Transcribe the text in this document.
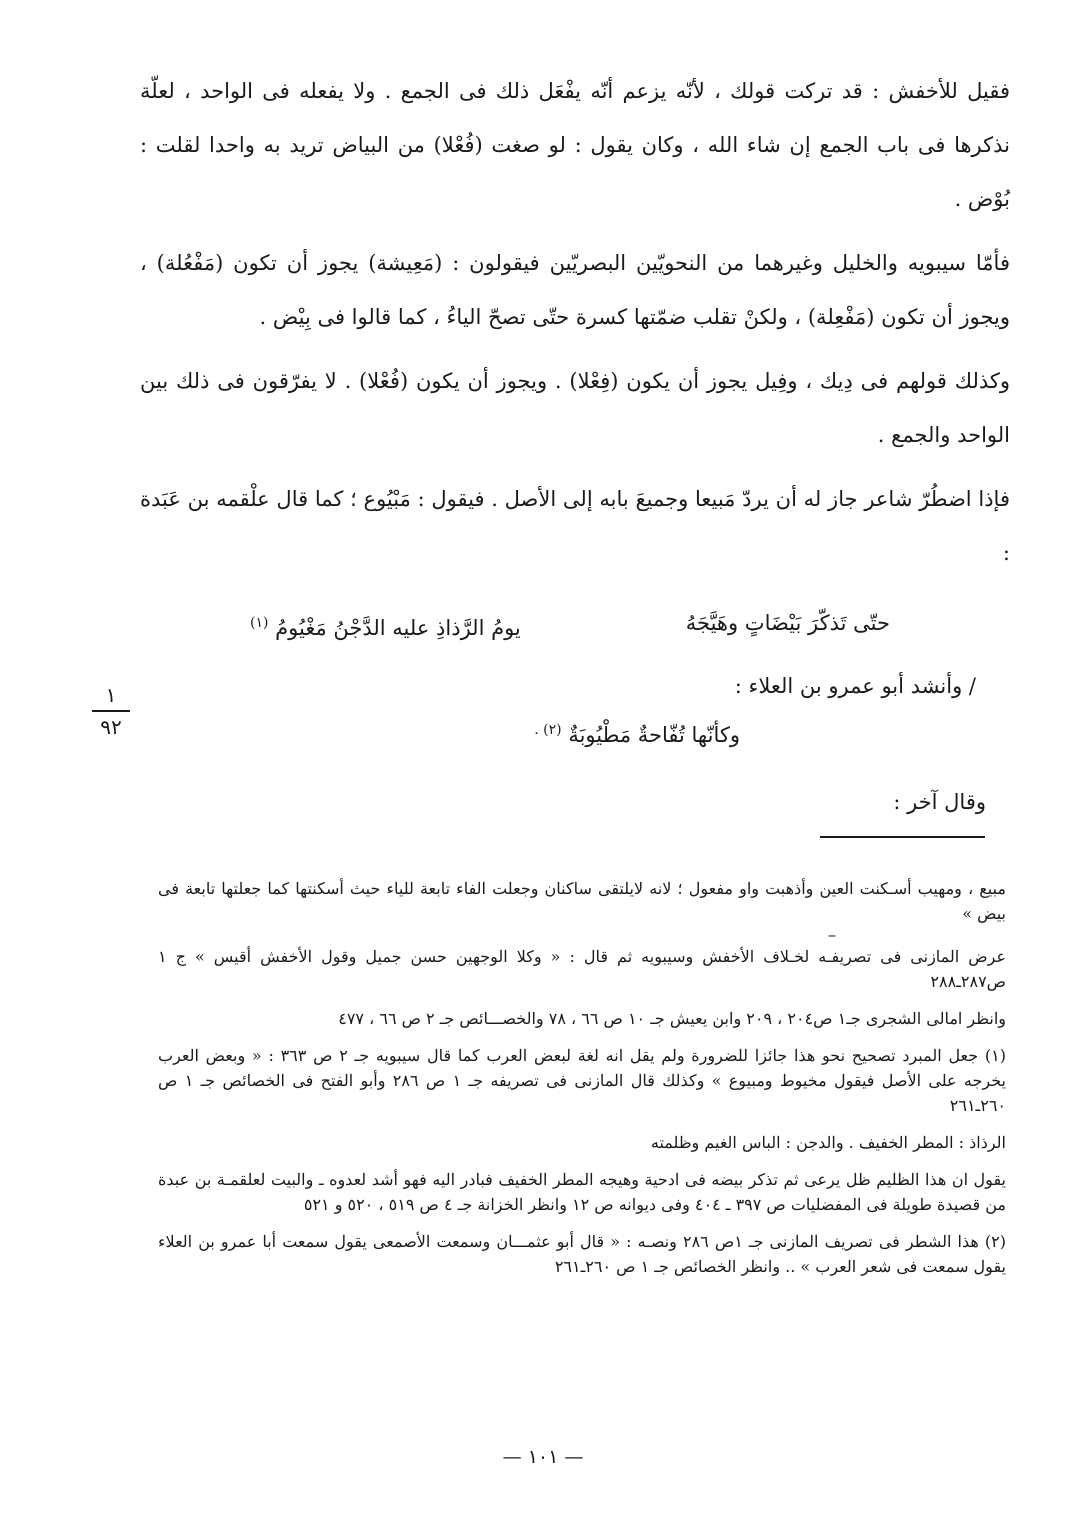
فقيل للأخفش : قد تركت قولك ، لأنّه يزعم أنّه يفْعَل ذلك فى الجمع . ولا يفعله فى الواحد ، لعلّة نذكرها فى باب الجمع إن شاء الله ، وكان يقول : لو صغت (فُعْلا) من البياض تريد به واحدا لقلت : بُوْض .

فأمّا سيبويه والخليل وغيرهما من النحويّين البصريّين فيقولون : (مَعِيشة) يجوز أن تكون (مَفْعُلة) ، ويجوز أن تكون (مَفْعِلة) ، ولكنْ تقلب ضمّتها كسرة حتّى تصحّ الياءُ ، كما قالوا فى بِيْض .

وكذلك قولهم فى دِيك ، وفِيل يجوز أن يكون (فِعْلا) . ويجوز أن يكون (فُعْلا) . لا يفرّقون فى ذلك بين الواحد والجمع .

فإذا اضطُرّ شاعر جاز له أن يردّ مَبيعا وجميعَ بابه إلى الأصل . فيقول : مَبْيُوع ؛ كما قال علْقمه بن عَبَدة :

حتّى تَذكّرَ بَيْضَاتٍ وهَيَّجَهُ
يومُ الرَّذاذِ عليه الدَّجْنُ مَغْيُومُ $^{(١)}$
/ وأنشد أبو عمرو بن العلاء :
١
٩٢	وكأنّها تُفّاحةٌ مَطْيُوبَةٌ $^{(٢) .}$
وقال آخر :

مبيع ، ومهيب أسـكنت العين وأذهبت واو مفعول ؛ لانه لايلتقى ساكنان وجعلت الفاء تابعة للياء حيث أسكنتها كما جعلتها تابعة فى بيض »

–

عرض المازنى فى تصريفـه لخـلاف الأخفش وسيبويه ثم قال : « وكلا الوجهين حسن جميل وقول الأخفش أقيس » ج ١ ص٢٨٧ـ٢٨٨

وانظر امالى الشجرى جـ١ ص٢٠٤ ، ٢٠٩ وابن يعيش جـ ١٠ ص ٦٦ ، ٧٨ والخصـــائص جـ ٢ ص ٦٦ ، ٤٧٧

(١) جعل المبرد تصحيح نحو هذا جائزا للضرورة ولم يقل انه لغة لبعض العرب كما قال سيبويه جـ ٢ ص ٣٦٣ : « وبعض العرب يخرجه على الأصل فيقول مخيوط ومبيوع » وكذلك قال المازنى فى تصريفه جـ ١ ص ٢٨٦ وأبو الفتح فى الخصائص جـ ١ ص ٢٦٠ـ٢٦١

الرذاذ : المطر الخفيف . والدجن : الباس الغيم وظلمته

يقول ان هذا الظليم ظل يرعى ثم تذكر بيضه فى ادحية وهيجه المطر الخفيف فبادر اليه فهو أشد لعدوه ـ والبيت لعلقمـة بن عبدة من قصيدة طويلة فى المفضليات ص ٣٩٧ ـ ٤٠٤ وفى ديوانه ص ١٢ وانظر الخزانة جـ ٤ ص ٥١٩ ، ٥٢٠ و ٥٢١

(٢) هذا الشطر فى تصريف المازنى جـ ١ص ٢٨٦ ونصـه : « قال أبو عثمـــان وسمعت الأصمعى يقول سمعت أبا عمرو بن العلاء يقول سمعت فى شعر العرب » .. وانظر الخصائص جـ ١ ص ٢٦٠ـ٢٦١

— ١٠١ —
